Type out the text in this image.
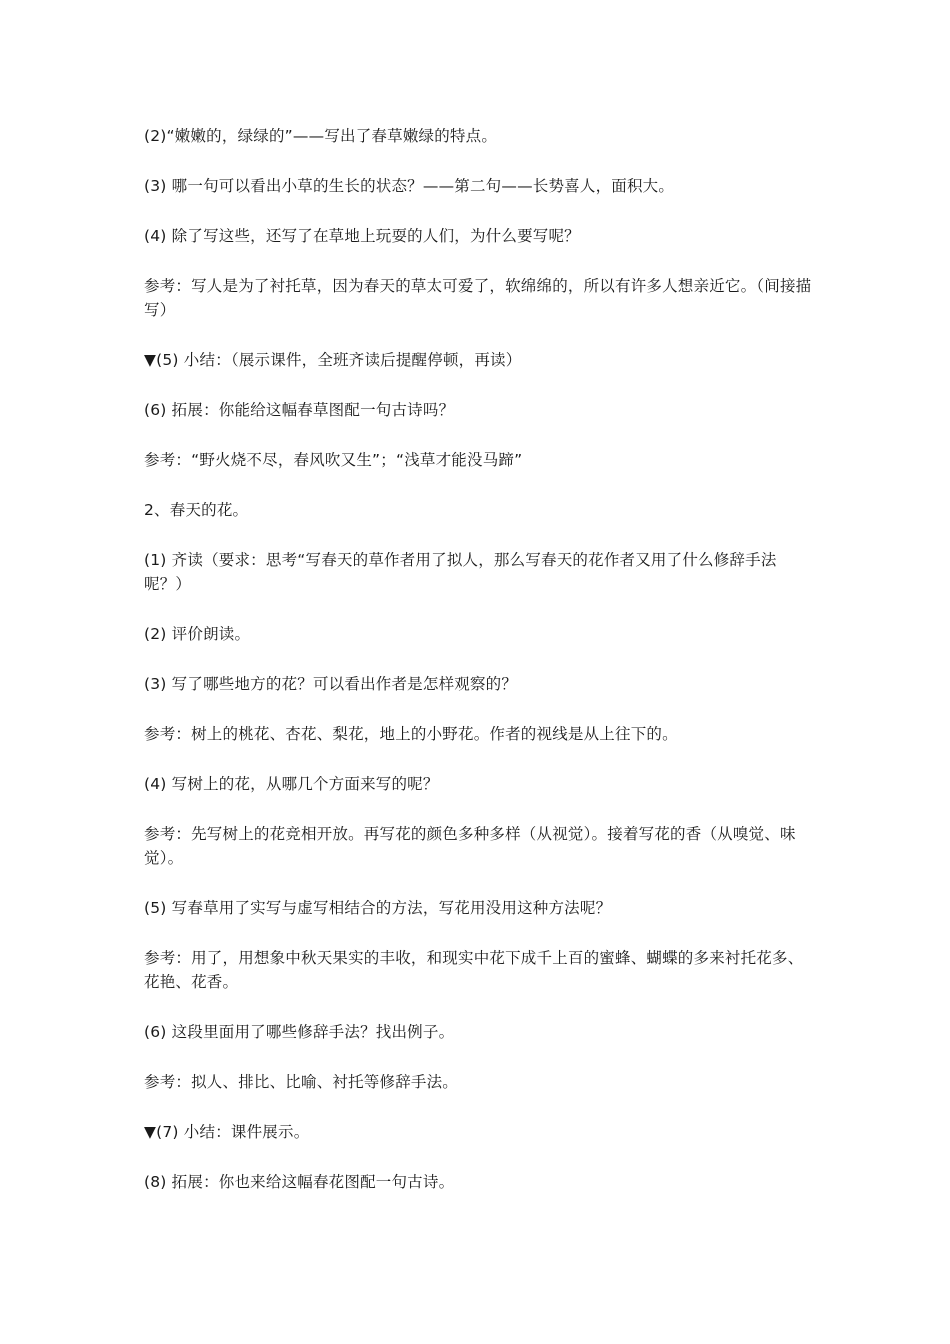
(2)“嫩嫩的，绿绿的”——写出了春草嫩绿的特点。

(3) 哪一句可以看出小草的生长的状态？——第二句——长势喜人，面积大。

(4) 除了写这些，还写了在草地上玩耍的人们，为什么要写呢？

参考：写人是为了衬托草，因为春天的草太可爱了，软绵绵的，所以有许多人想亲近它。（间接描写）

▼(5) 小结：（展示课件，全班齐读后提醒停顿，再读）

(6) 拓展：你能给这幅春草图配一句古诗吗？

参考：“野火烧不尽，春风吹又生”；“浅草才能没马蹄”

2、春天的花。

(1) 齐读（要求：思考“写春天的草作者用了拟人，那么写春天的花作者又用了什么修辞手法呢？）

(2) 评价朗读。

(3) 写了哪些地方的花？可以看出作者是怎样观察的？

参考：树上的桃花、杏花、梨花，地上的小野花。作者的视线是从上往下的。

(4) 写树上的花，从哪几个方面来写的呢？

参考：先写树上的花竞相开放。再写花的颜色多种多样（从视觉）。接着写花的香（从嗅觉、味觉）。

(5) 写春草用了实写与虚写相结合的方法，写花用没用这种方法呢？

参考：用了，用想象中秋天果实的丰收，和现实中花下成千上百的蜜蜂、蝴蝶的多来衬托花多、花艳、花香。

(6) 这段里面用了哪些修辞手法？找出例子。

参考：拟人、排比、比喻、衬托等修辞手法。

▼(7) 小结：课件展示。

(8) 拓展：你也来给这幅春花图配一句古诗。
